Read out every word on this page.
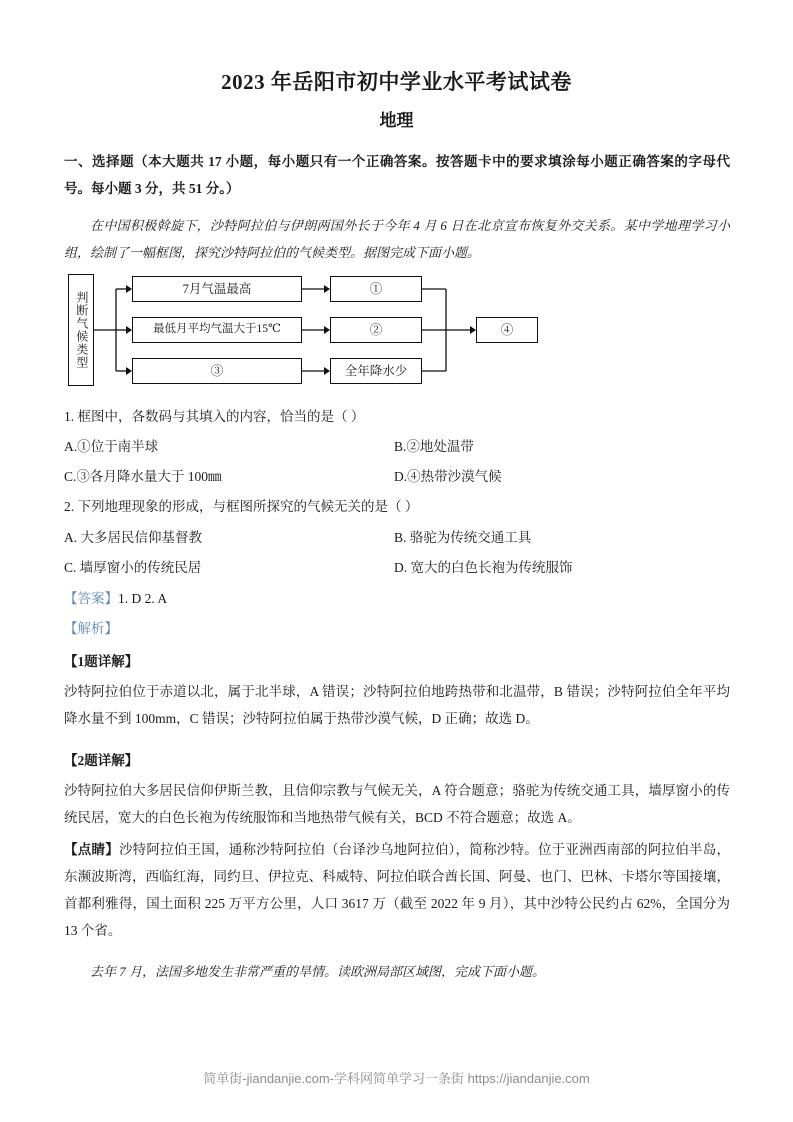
2023 年岳阳市初中学业水平考试试卷
地理
一、选择题（本大题共 17 小题，每小题只有一个正确答案。按答题卡中的要求填涂每小题正确答案的字母代号。每小题 3 分，共 51 分。）
在中国积极斡旋下，沙特阿拉伯与伊朗两国外长于今年 4 月 6 日在北京宣布恢复外交关系。某中学地理学习小组，绘制了一幅框图，探究沙特阿拉伯的气候类型。据图完成下面小题。
判断气候类型
7月气温最高
最低月平均气温大于15℃
③
①
②
全年降水少
④
1. 框图中，各数码与其填入的内容，恰当的是（ ）
A.①位于南半球	B.②地处温带
C.③各月降水量大于 100㎜	D.④热带沙漠气候
2. 下列地理现象的形成，与框图所探究的气候无关的是（ ）
A. 大多居民信仰基督教	B. 骆驼为传统交通工具
C. 墙厚窗小的传统民居	D. 宽大的白色长袍为传统服饰
【答案】1. D 2. A
【解析】
【1题详解】
沙特阿拉伯位于赤道以北，属于北半球，A 错误；沙特阿拉伯地跨热带和北温带，B 错误；沙特阿拉伯全年平均降水量不到 100mm，C 错误；沙特阿拉伯属于热带沙漠气候，D 正确；故选 D。
【2题详解】
沙特阿拉伯大多居民信仰伊斯兰教，且信仰宗教与气候无关，A 符合题意；骆驼为传统交通工具，墙厚窗小的传统民居，宽大的白色长袍为传统服饰和当地热带气候有关，BCD 不符合题意；故选 A。
【点睛】沙特阿拉伯王国，通称沙特阿拉伯（台译沙乌地阿拉伯），简称沙特。位于亚洲西南部的阿拉伯半岛，东濒波斯湾，西临红海，同约旦、伊拉克、科威特、阿拉伯联合酋长国、阿曼、也门、巴林、卡塔尔等国接壤，首都利雅得，国土面积 225 万平方公里，人口 3617 万（截至 2022 年 9 月），其中沙特公民约占 62%，全国分为 13 个省。
去年 7 月，法国多地发生非常严重的旱情。读欧洲局部区域图，完成下面小题。
简单街-jiandanjie.com-学科网简单学习一条街 https://jiandanjie.com
